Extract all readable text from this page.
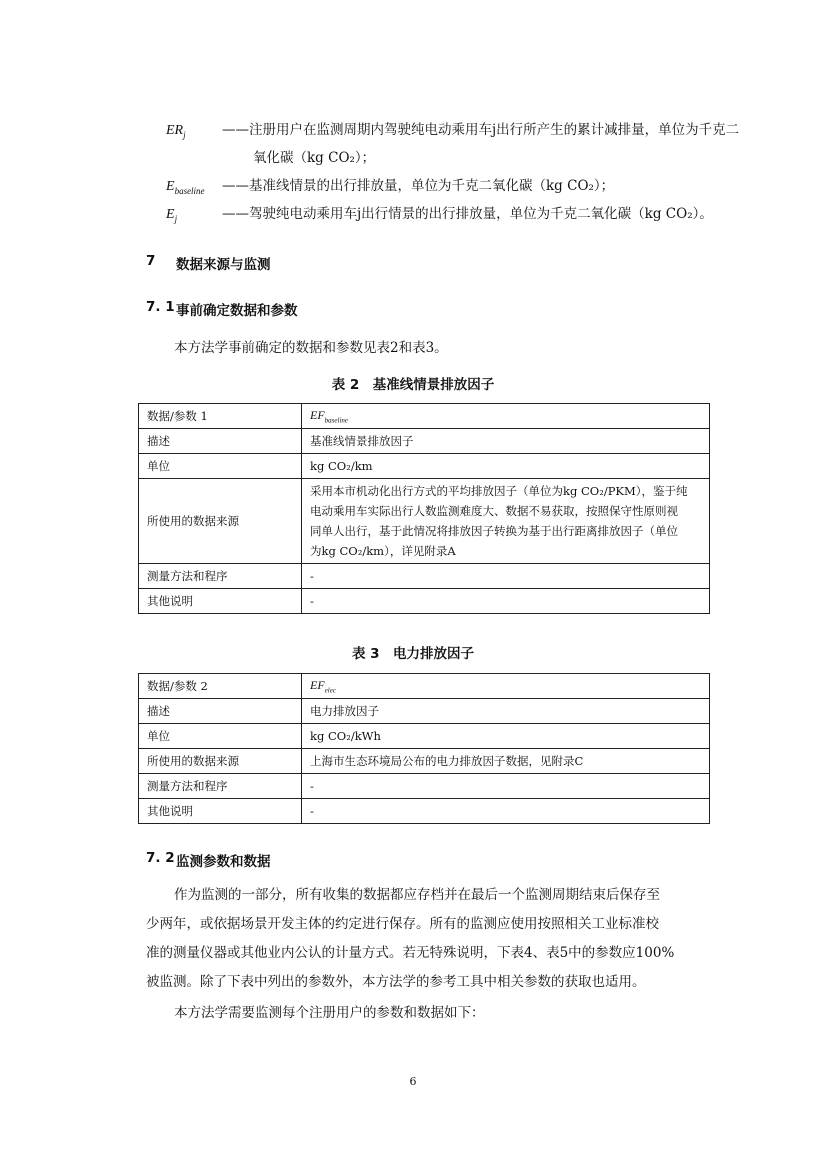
$ER_j$	——注册用户在监测周期内驾驶纯电动乘用车j出行所产生的累计减排量，单位为千克二
氧化碳（kg CO₂）；
$E_{baseline}$ ——基准线情景的出行排放量，单位为千克二氧化碳（kg CO₂）；
$E_j$	——驾驶纯电动乘用车j出行情景的出行排放量，单位为千克二氧化碳（kg CO₂）。
7 数据来源与监测
7. 1 事前确定数据和参数
本方法学事前确定的数据和参数见表2和表3。
表 2　基准线情景排放因子
数据/参数 1	$EF_{baseline}$
描述	基准线情景排放因子
单位	kg CO₂/km
所使用的数据来源	采用本市机动化出行方式的平均排放因子（单位为kg CO₂/PKM），鉴于纯
电动乘用车实际出行人数监测难度大、数据不易获取，按照保守性原则视
同单人出行，基于此情况将排放因子转换为基于出行距离排放因子（单位
为kg CO₂/km），详见附录A

测量方法和程序	-
其他说明	-
表 3　电力排放因子
数据/参数 2	$EF_{elec}$
描述	电力排放因子
单位	kg CO₂/kWh
所使用的数据来源	上海市生态环境局公布的电力排放因子数据，见附录C
测量方法和程序	-
其他说明	-
7. 2 监测参数和数据
作为监测的一部分，所有收集的数据都应存档并在最后一个监测周期结束后保存至
少两年，或依据场景开发主体的约定进行保存。所有的监测应使用按照相关工业标准校
准的测量仪器或其他业内公认的计量方式。若无特殊说明，下表4、表5中的参数应100%
被监测。除了下表中列出的参数外，本方法学的参考工具中相关参数的获取也适用。
本方法学需要监测每个注册用户的参数和数据如下：
6
